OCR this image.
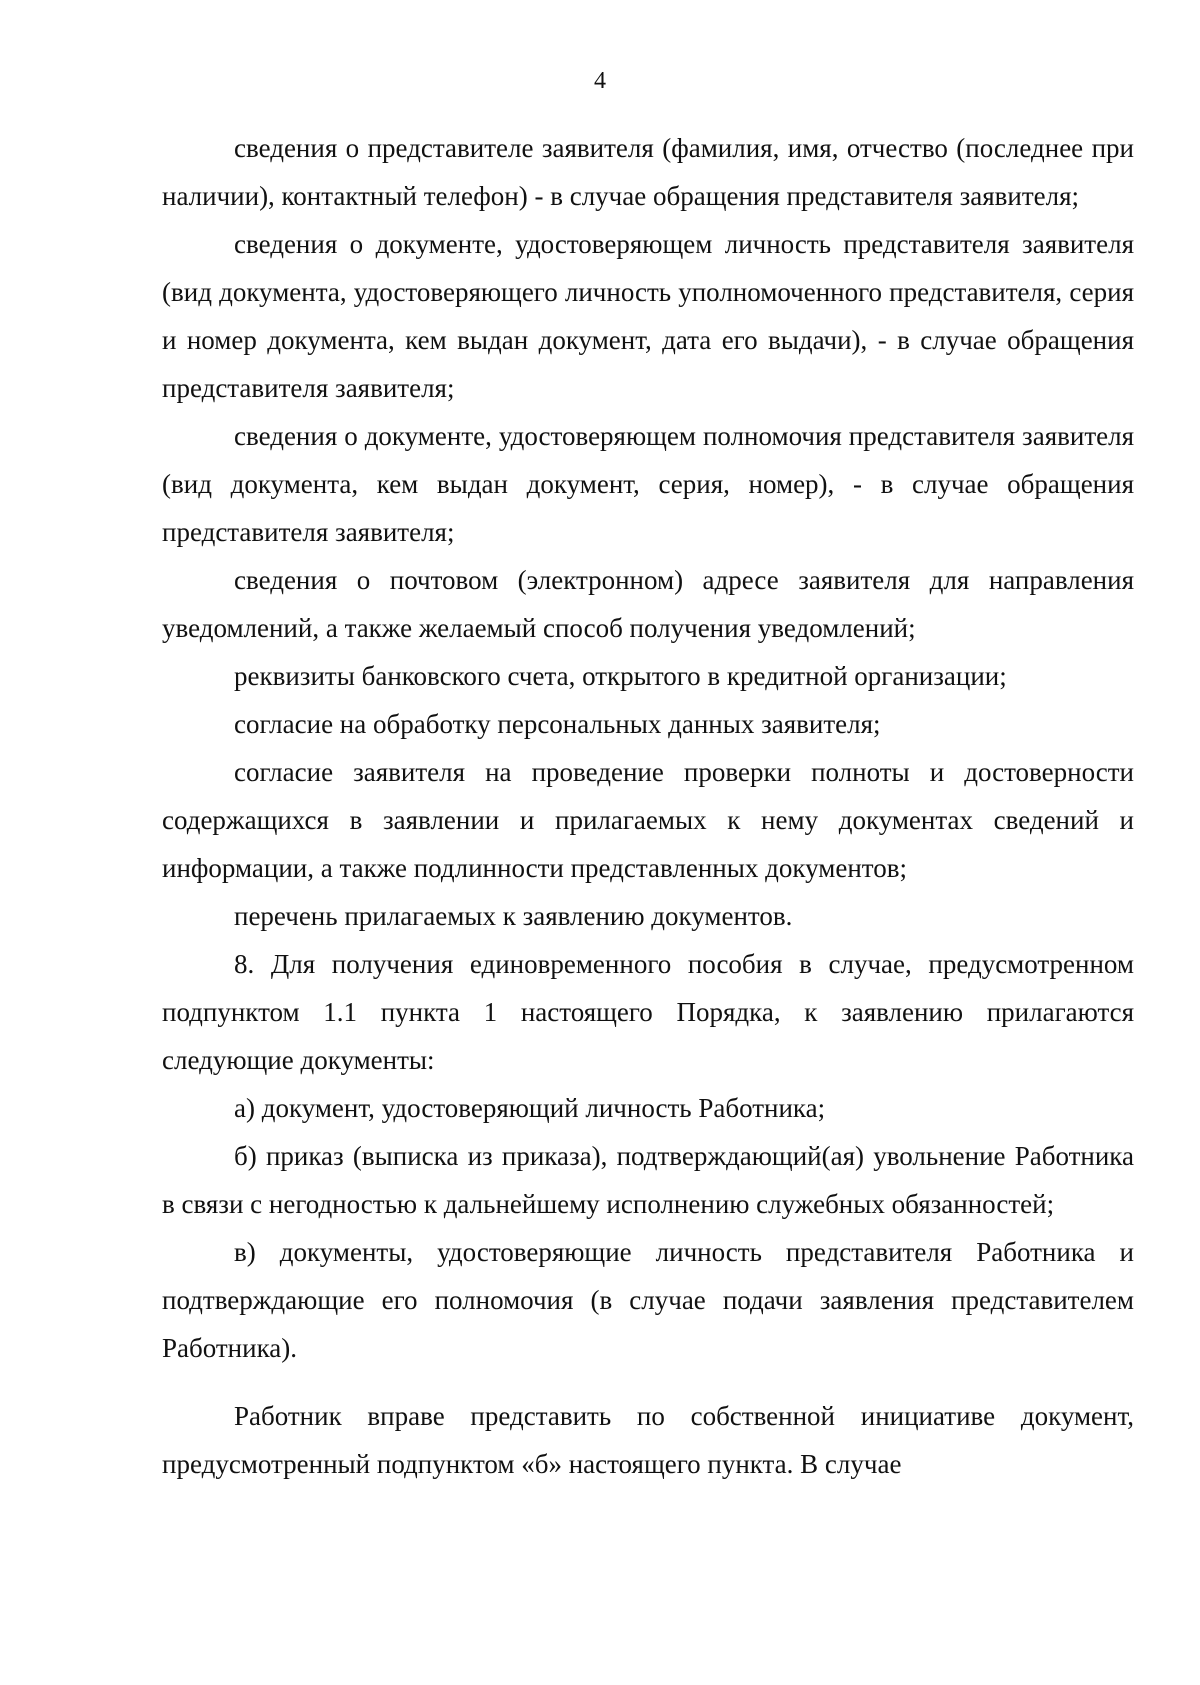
4

сведения о представителе заявителя (фамилия, имя, отчество (последнее при наличии), контактный телефон) - в случае обращения представителя заявителя;

сведения о документе, удостоверяющем личность представителя заявителя (вид документа, удостоверяющего личность уполномоченного представителя, серия и номер документа, кем выдан документ, дата его выдачи), - в случае обращения представителя заявителя;

сведения о документе, удостоверяющем полномочия представителя заявителя (вид документа, кем выдан документ, серия, номер), - в случае обращения представителя заявителя;

сведения о почтовом (электронном) адресе заявителя для направления уведомлений, а также желаемый способ получения уведомлений;

реквизиты банковского счета, открытого в кредитной организации;

согласие на обработку персональных данных заявителя;

согласие заявителя на проведение проверки полноты и достоверности содержащихся в заявлении и прилагаемых к нему документах сведений и информации, а также подлинности представленных документов;

перечень прилагаемых к заявлению документов.

8. Для получения единовременного пособия в случае, предусмотренном подпунктом 1.1 пункта 1 настоящего Порядка, к заявлению прилагаются следующие документы:

а) документ, удостоверяющий личность Работника;

б) приказ (выписка из приказа), подтверждающий(ая) увольнение Работника в связи с негодностью к дальнейшему исполнению служебных обязанностей;

в) документы, удостоверяющие личность представителя Работника и подтверждающие его полномочия (в случае подачи заявления представителем Работника).

Работник вправе представить по собственной инициативе документ, предусмотренный подпунктом «б» настоящего пункта. В случае
